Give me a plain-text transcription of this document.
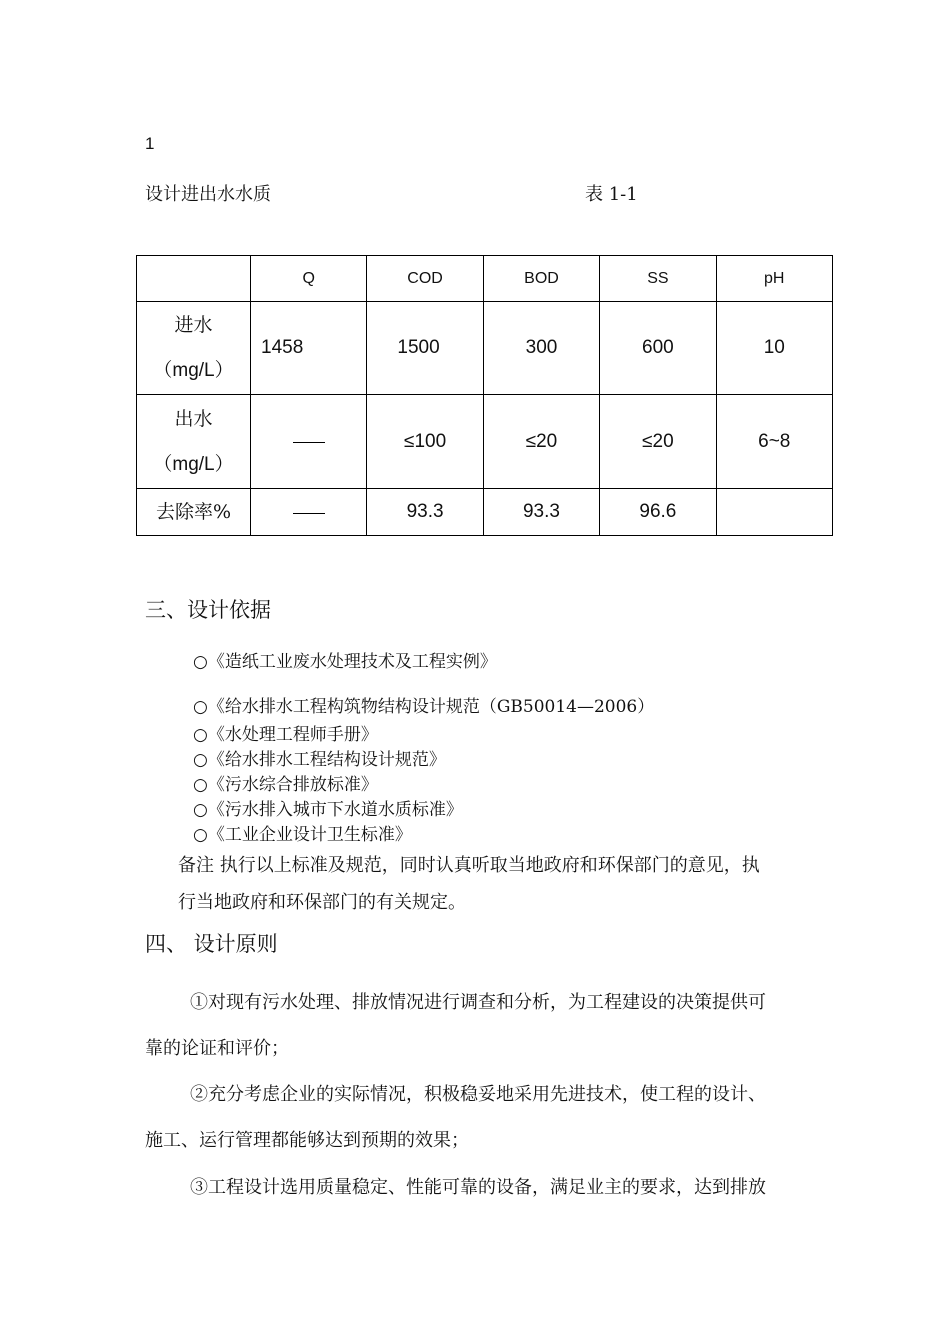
1
设计进出水水质	表 1-1
	Q	COD	BOD	SS	pH
进水
（mg/L）	1458	1500	300	600	10
出水
（mg/L）		≤100	≤20	≤20	6~8
去除率%		93.3	93.3	96.6	
三、设计依据
○《造纸工业废水处理技术及工程实例》
○《给水排水工程构筑物结构设计规范（GB50014—2006）
○《水处理工程师手册》
○《给水排水工程结构设计规范》
○《污水综合排放标准》
○《污水排入城市下水道水质标准》
○《工业企业设计卫生标准》
备注 执行以上标准及规范，同时认真听取当地政府和环保部门的意见，执
行当地政府和环保部门的有关规定。
四、 设计原则
①对现有污水处理、排放情况进行调查和分析，为工程建设的决策提供可
靠的论证和评价；
②充分考虑企业的实际情况，积极稳妥地采用先进技术，使工程的设计、
施工、运行管理都能够达到预期的效果；
③工程设计选用质量稳定、性能可靠的设备，满足业主的要求，达到排放
